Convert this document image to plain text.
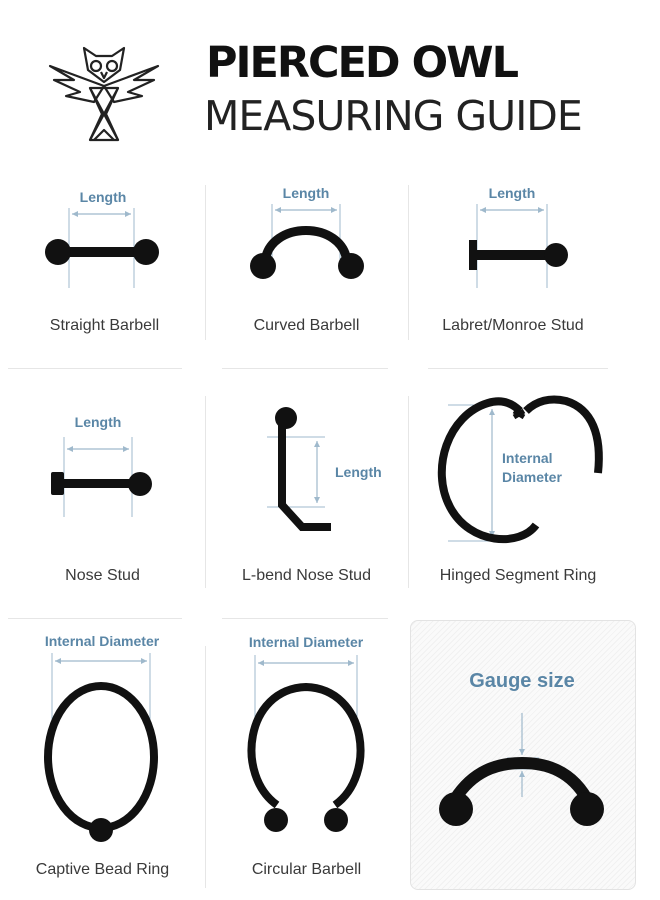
PIERCED OWL
MEASURING GUIDE
Length
Straight Barbell
Length
Curved Barbell
Length
Labret/Monroe Stud
Length
Nose Stud
Length
L-bend Nose Stud
Internal
Diameter
Hinged Segment Ring
Internal Diameter
Captive Bead Ring
Internal Diameter
Circular Barbell
Gauge size
